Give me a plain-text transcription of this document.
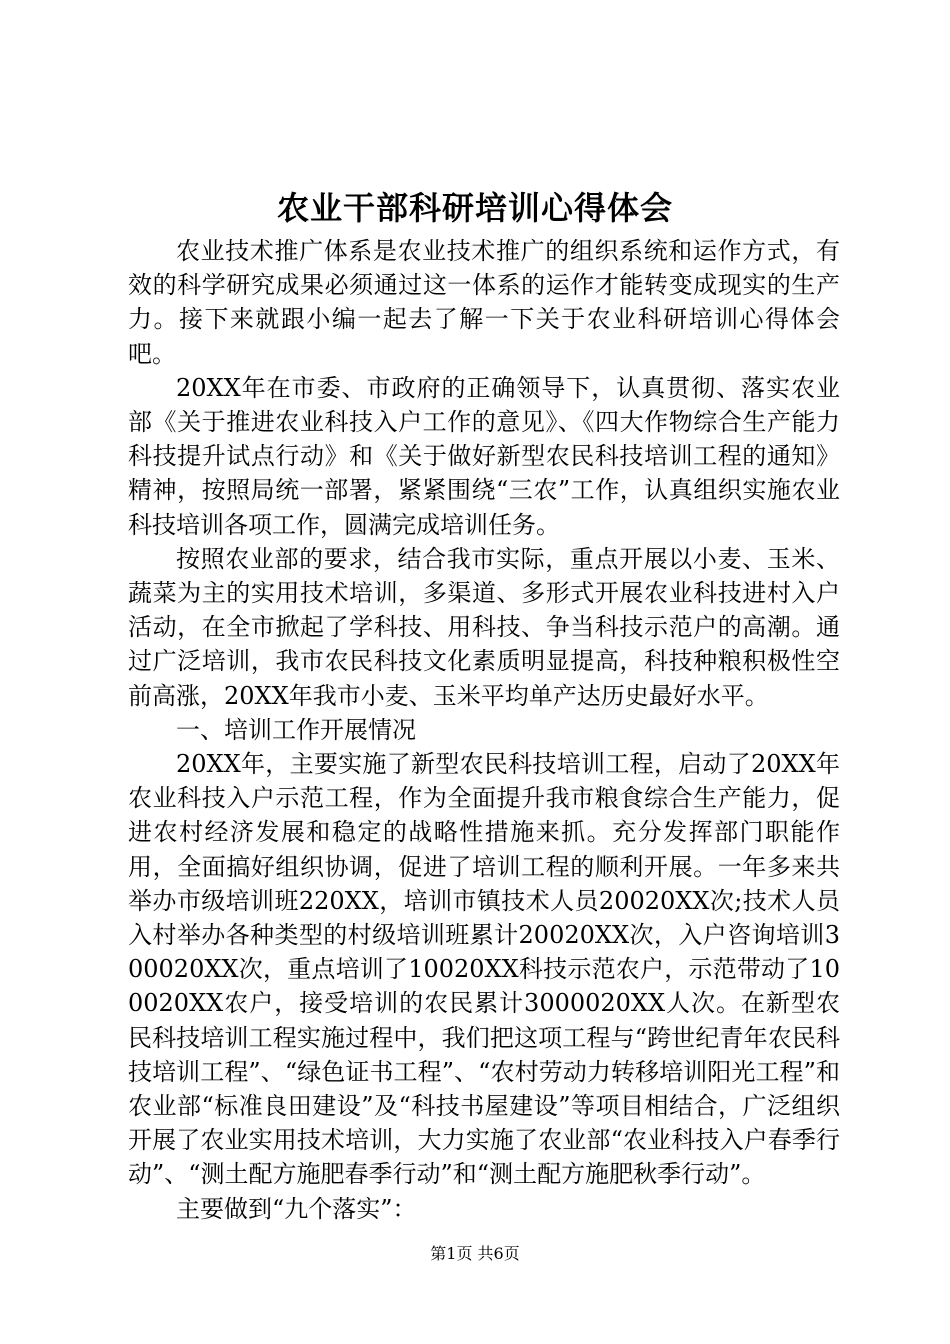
农业干部科研培训心得体会

农业技术推广体系是农业技术推广的组织系统和运作方式，有效的科学研究成果必须通过这一体系的运作才能转变成现实的生产力。接下来就跟小编一起去了解一下关于农业科研培训心得体会吧。

20XX年在市委、市政府的正确领导下，认真贯彻、落实农业部《关于推进农业科技入户工作的意见》、《四大作物综合生产能力科技提升试点行动》和《关于做好新型农民科技培训工程的通知》精神，按照局统一部署，紧紧围绕“三农”工作，认真组织实施农业科技培训各项工作，圆满完成培训任务。

按照农业部的要求，结合我市实际，重点开展以小麦、玉米、蔬菜为主的实用技术培训，多渠道、多形式开展农业科技进村入户活动，在全市掀起了学科技、用科技、争当科技示范户的高潮。通过广泛培训，我市农民科技文化素质明显提高，科技种粮积极性空前高涨，20XX年我市小麦、玉米平均单产达历史最好水平。

一、培训工作开展情况

20XX年，主要实施了新型农民科技培训工程，启动了20XX年农业科技入户示范工程，作为全面提升我市粮食综合生产能力，促进农村经济发展和稳定的战略性措施来抓。充分发挥部门职能作用，全面搞好组织协调，促进了培训工程的顺利开展。一年多来共举办市级培训班220XX，培训市镇技术人员20020XX次;技术人员入村举办各种类型的村级培训班累计20020XX次，入户咨询培训300020XX次，重点培训了10020XX科技示范农户，示范带动了100020XX农户，接受培训的农民累计3000020XX人次。在新型农民科技培训工程实施过程中，我们把这项工程与“跨世纪青年农民科技培训工程”、“绿色证书工程”、“农村劳动力转移培训阳光工程”和农业部“标准良田建设”及“科技书屋建设”等项目相结合，广泛组织开展了农业实用技术培训，大力实施了农业部“农业科技入户春季行动”、“测土配方施肥春季行动”和“测土配方施肥秋季行动”。

主要做到“九个落实”：

第1页 共6页
